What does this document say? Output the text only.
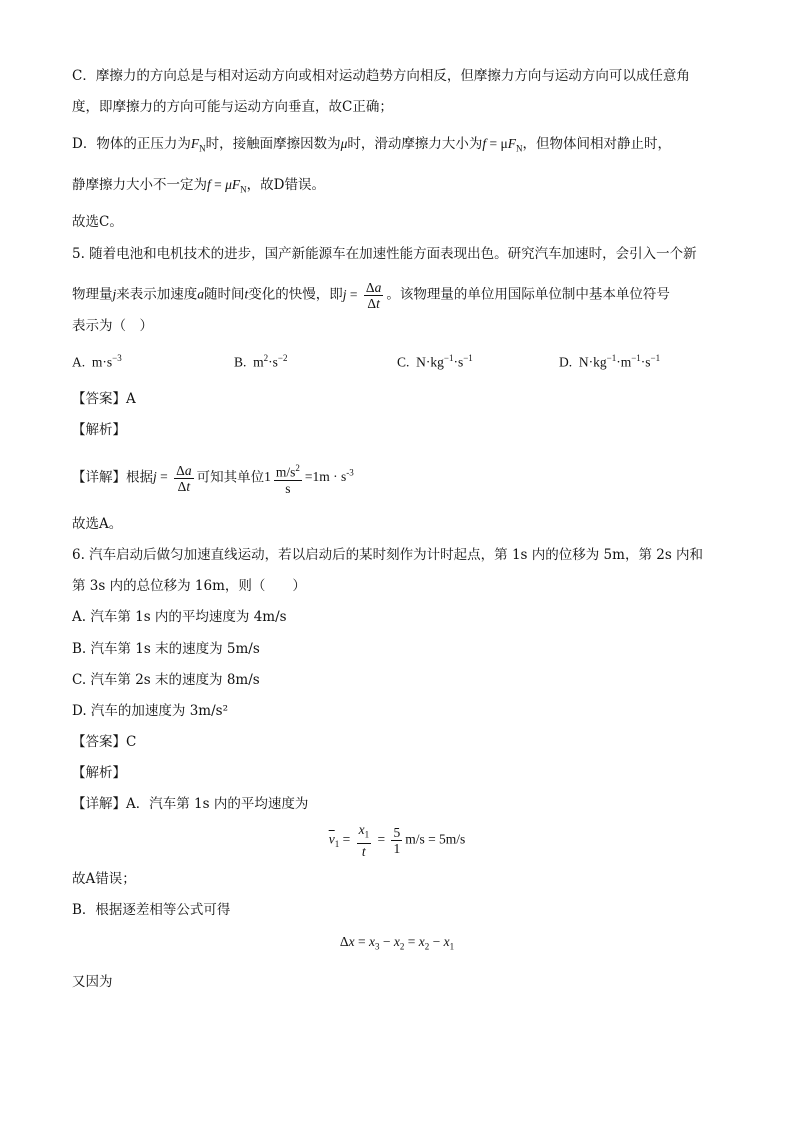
C．摩擦力的方向总是与相对运动方向或相对运动趋势方向相反，但摩擦力方向与运动方向可以成任意角
度，即摩擦力的方向可能与运动方向垂直，故C正确；
D．物体的正压力为$F_N$时，接触面摩擦因数为μ时，滑动摩擦力大小为$f = \mu F_N$，但物体间相对静止时，
静摩擦力大小不一定为$f = \mu F_N$，故D错误。
故选C。
5. 随着电池和电机技术的进步，国产新能源车在加速性能方面表现出色。研究汽车加速时，会引入一个新
物理量j来表示加速度a随时间t变化的快慢，即$j = \frac{\Delta a}{\Delta t}$ 。该物理量的单位用国际单位制中基本单位符号
表示为（　）
A.  $m\cdot s^{-3}$	B.  $m^2\cdot s^{-2}$	C.  $N\cdot kg^{-1}\cdot s^{-1}$	D.  $N\cdot kg^{-1}\cdot m^{-1}\cdot s^{-1}$
【答案】A
【解析】
【详解】根据$j = \frac{\Delta a}{\Delta t}$ 可知其单位$1 \frac{m/s^2}{s} =1m \cdot s^{-3}$
故选A。
6. 汽车启动后做匀加速直线运动，若以启动后的某时刻作为计时起点，第 1s 内的位移为 5m，第 2s 内和
第 3s 内的总位移为 16m，则（　　）
A. 汽车第 1s 内的平均速度为 4m/s
B. 汽车第 1s 末的速度为 5m/s
C. 汽车第 2s 末的速度为 8m/s
D. 汽车的加速度为 3m/s²
【答案】C
【解析】
【详解】A．汽车第 1s 内的平均速度为
$\overline{v}_1 = \frac{x_1}{t} = \frac{5}{1} m/s = 5m/s$
故A错误；
B．根据逐差相等公式可得
$\Delta x = x_3 - x_2 = x_2 - x_1$
又因为
